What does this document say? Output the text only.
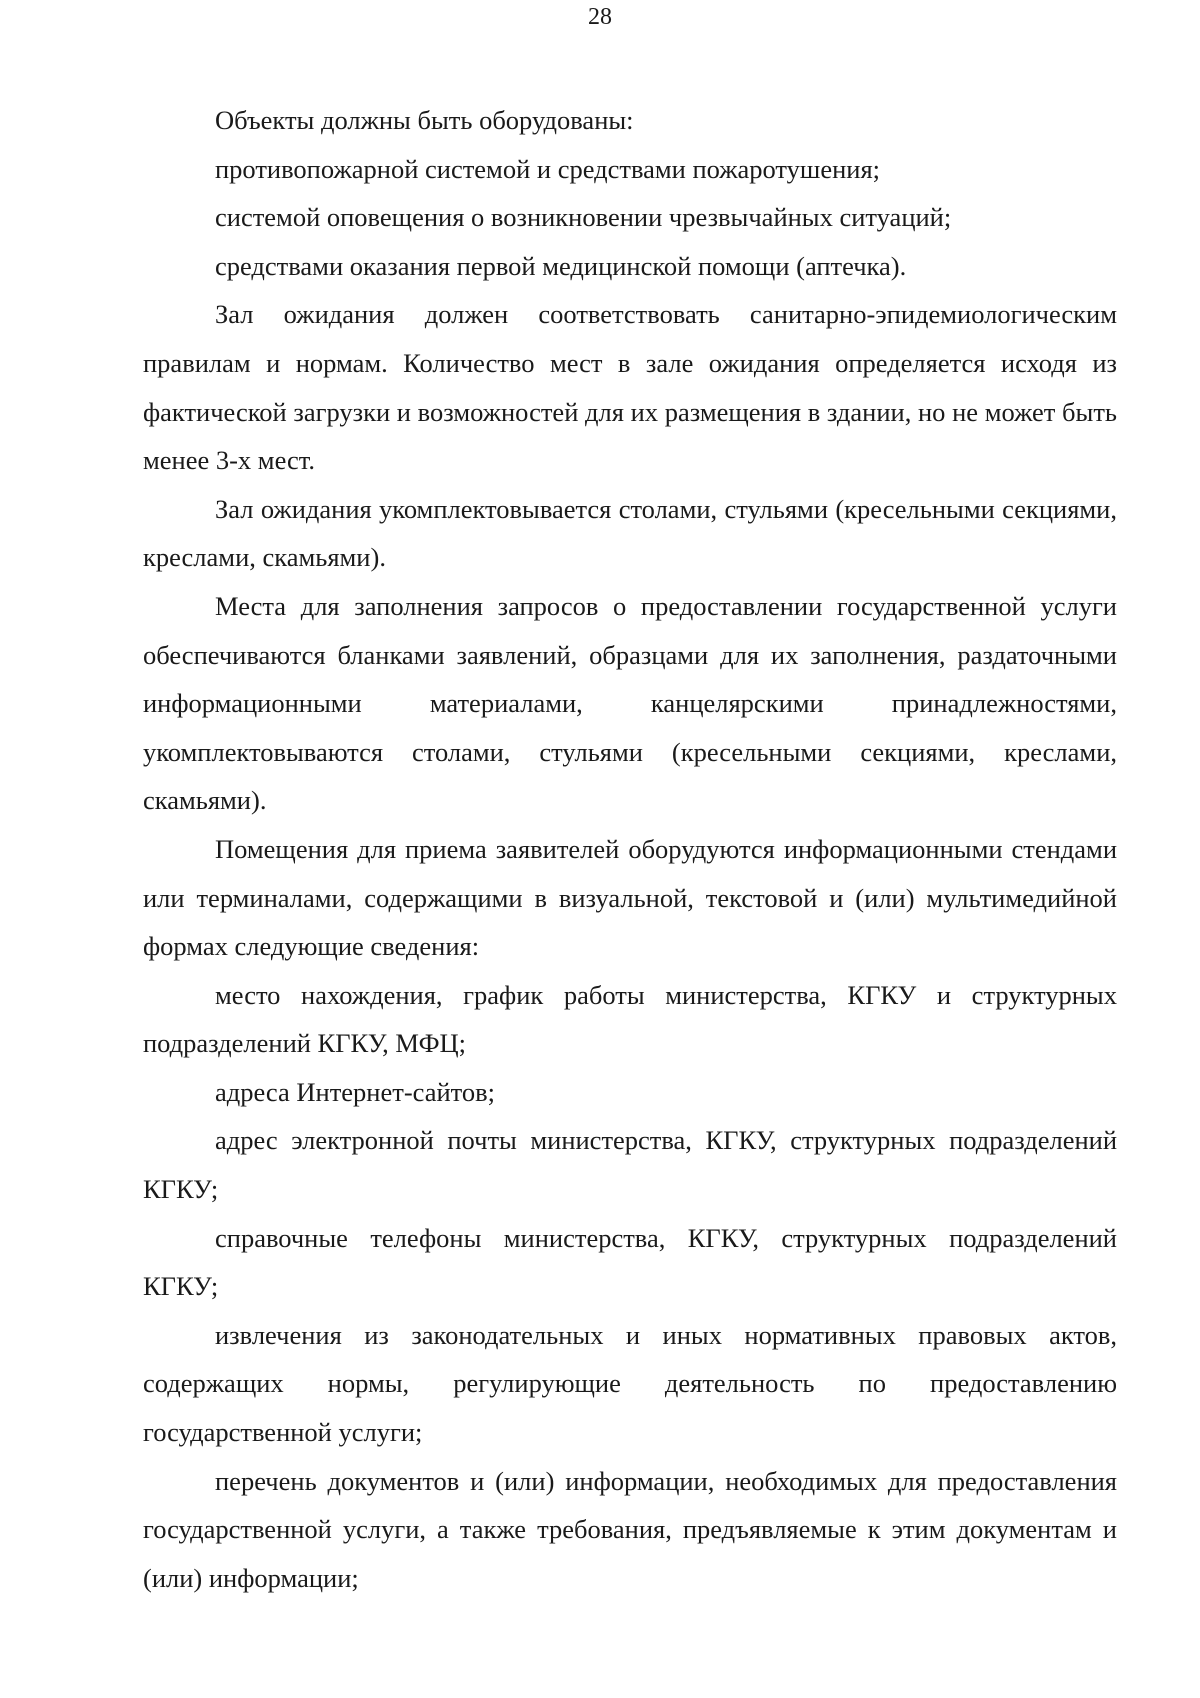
28

Объекты должны быть оборудованы:

противопожарной системой и средствами пожаротушения;

системой оповещения о возникновении чрезвычайных ситуаций;

средствами оказания первой медицинской помощи (аптечка).

Зал ожидания должен соответствовать санитарно-эпидемиологическим правилам и нормам. Количество мест в зале ожидания определяется исходя из фактической загрузки и возможностей для их размещения в здании, но не может быть менее 3-х мест.

Зал ожидания укомплектовывается столами, стульями (кресельными секциями, креслами, скамьями).

Места для заполнения запросов о предоставлении государственной услуги обеспечиваются бланками заявлений, образцами для их заполнения, раздаточными информационными материалами, канцелярскими принадлежностями, укомплектовываются столами, стульями (кресельными секциями, креслами, скамьями).

Помещения для приема заявителей оборудуются информационными стендами или терминалами, содержащими в визуальной, текстовой и (или) мультимедийной формах следующие сведения:

место нахождения, график работы министерства, КГКУ и структурных подразделений КГКУ, МФЦ;

адреса Интернет-сайтов;

адрес электронной почты министерства, КГКУ, структурных подразделений КГКУ;

справочные телефоны министерства, КГКУ, структурных подразделений КГКУ;

извлечения из законодательных и иных нормативных правовых актов, содержащих нормы, регулирующие деятельность по предоставлению государственной услуги;

перечень документов и (или) информации, необходимых для предоставления государственной услуги, а также требования, предъявляемые к этим документам и (или) информации;
